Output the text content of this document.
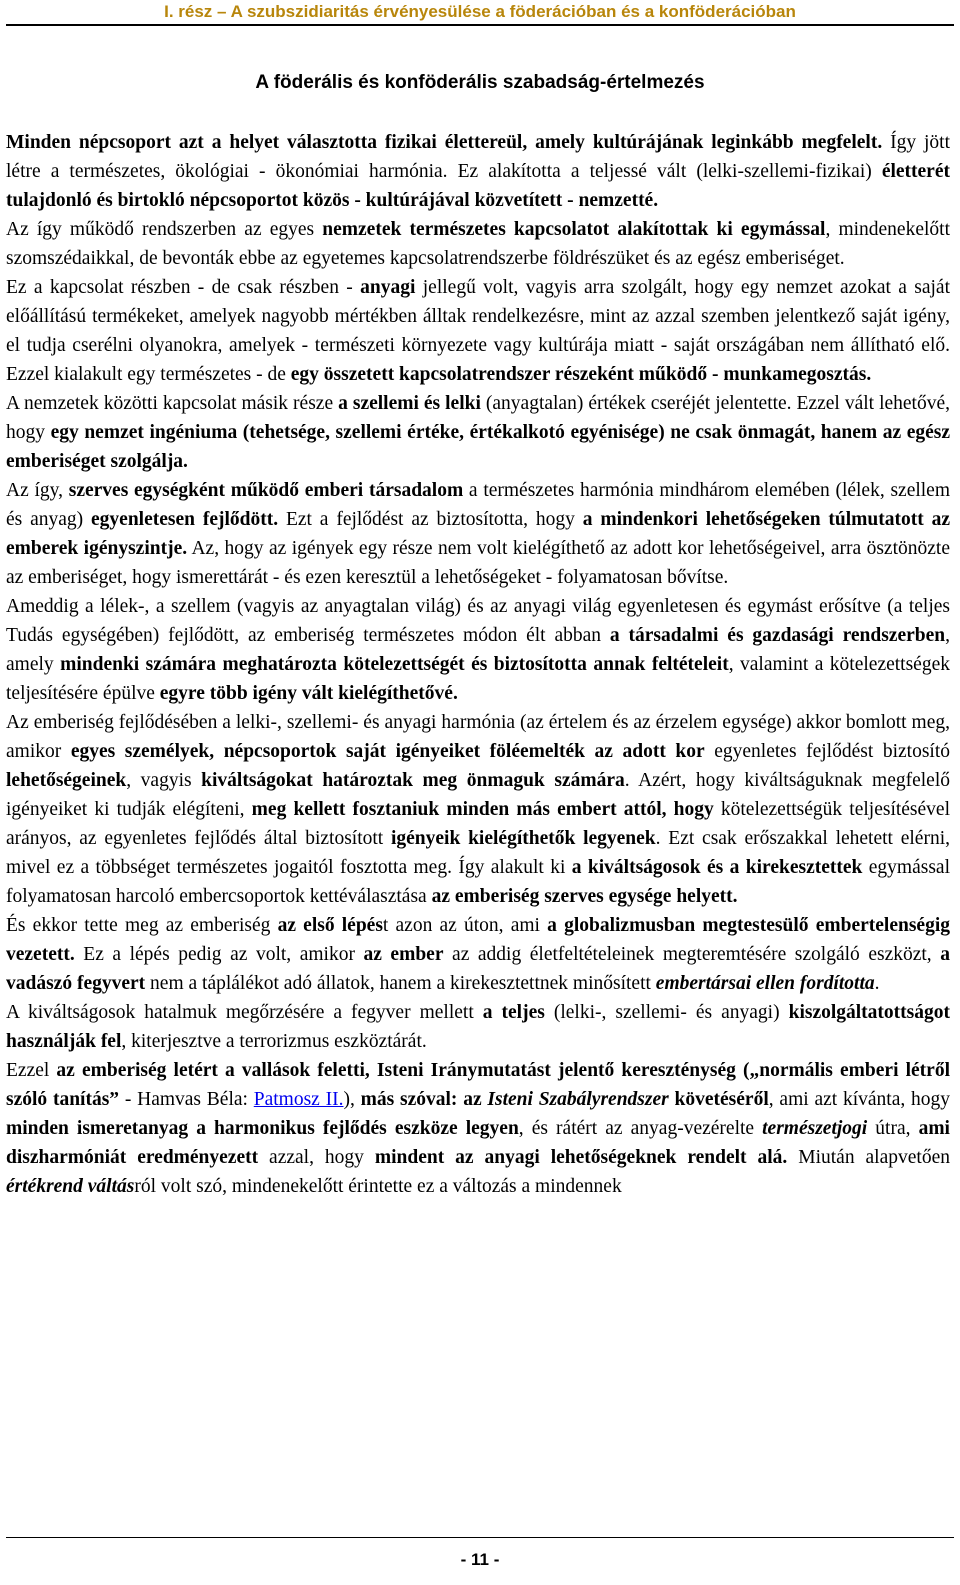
I. rész – A szubszidiaritás érvényesülése a föderációban és a konföderációban
A föderális és konföderális szabadság-értelmezés

Minden népcsoport azt a helyet választotta fizikai élettereül, amely kultúrájának leginkább megfelelt. Így jött létre a természetes, ökológiai - ökonómiai harmónia. Ez alakította a teljessé vált (lelki-szellemi-fizikai) életterét tulajdonló és birtokló népcsoportot közös - kultúrájával közvetített - nemzetté.

Az így működő rendszerben az egyes nemzetek természetes kapcsolatot alakítottak ki egymással, mindenekelőtt szomszédaikkal, de bevonták ebbe az egyetemes kapcsolatrendszerbe földrészüket és az egész emberiséget.

Ez a kapcsolat részben - de csak részben - anyagi jellegű volt, vagyis arra szolgált, hogy egy nemzet azokat a saját előállítású termékeket, amelyek nagyobb mértékben álltak rendelkezésre, mint az azzal szemben jelentkező saját igény, el tudja cserélni olyanokra, amelyek - természeti környezete vagy kultúrája miatt - saját országában nem állítható elő. Ezzel kialakult egy természetes - de egy összetett kapcsolatrendszer részeként működő - munkamegosztás.

A nemzetek közötti kapcsolat másik része a szellemi és lelki (anyagtalan) értékek cseréjét jelentette. Ezzel vált lehetővé, hogy egy nemzet ingéniuma (tehetsége, szellemi értéke, értékalkotó egyénisége) ne csak önmagát, hanem az egész emberiséget szolgálja.

Az így, szerves egységként működő emberi társadalom a természetes harmónia mindhárom elemében (lélek, szellem és anyag) egyenletesen fejlődött. Ezt a fejlődést az biztosította, hogy a mindenkori lehetőségeken túlmutatott az emberek igényszintje. Az, hogy az igények egy része nem volt kielégíthető az adott kor lehetőségeivel, arra ösztönözte az emberiséget, hogy ismerettárát - és ezen keresztül a lehetőségeket - folyamatosan bővítse.

Ameddig a lélek-, a szellem (vagyis az anyagtalan világ) és az anyagi világ egyenletesen és egymást erősítve (a teljes Tudás egységében) fejlődött, az emberiség természetes módon élt abban a társadalmi és gazdasági rendszerben, amely mindenki számára meghatározta kötelezettségét és biztosította annak feltételeit, valamint a kötelezettségek teljesítésére épülve egyre több igény vált kielégíthetővé.

Az emberiség fejlődésében a lelki-, szellemi- és anyagi harmónia (az értelem és az érzelem egysége) akkor bomlott meg, amikor egyes személyek, népcsoportok saját igényeiket föléemelték az adott kor egyenletes fejlődést biztosító lehetőségeinek, vagyis kiváltságokat határoztak meg önmaguk számára. Azért, hogy kiváltságuknak megfelelő igényeiket ki tudják elégíteni, meg kellett fosztaniuk minden más embert attól, hogy kötelezettségük teljesítésével arányos, az egyenletes fejlődés által biztosított igényeik kielégíthetők legyenek. Ezt csak erőszakkal lehetett elérni, mivel ez a többséget természetes jogaitól fosztotta meg. Így alakult ki a kiváltságosok és a kirekesztettek egymással folyamatosan harcoló embercsoportok kettéválasztása az emberiség szerves egysége helyett.

És ekkor tette meg az emberiség az első lépést azon az úton, ami a globalizmusban megtestesülő embertelenségig vezetett. Ez a lépés pedig az volt, amikor az ember az addig életfeltételeinek megteremtésére szolgáló eszközt, a vadászó fegyvert nem a táplálékot adó állatok, hanem a kirekesztettnek minősített embertársai ellen fordította.

A kiváltságosok hatalmuk megőrzésére a fegyver mellett a teljes (lelki-, szellemi- és anyagi) kiszolgáltatottságot használják fel, kiterjesztve a terrorizmus eszköztárát.

Ezzel az emberiség letért a vallások feletti, Isteni Iránymutatást jelentő kereszténység („normális emberi létről szóló tanítás” - Hamvas Béla: Patmosz II.), más szóval: az Isteni Szabályrendszer követéséről, ami azt kívánta, hogy minden ismeretanyag a harmonikus fejlődés eszköze legyen, és rátért az anyag-vezérelte természetjogi útra, ami diszharmóniát eredményezett azzal, hogy mindent az anyagi lehetőségeknek rendelt alá. Miután alapvetően értékrend váltásról volt szó, mindenekelőtt érintette ez a változás a mindennek

- 11 -
